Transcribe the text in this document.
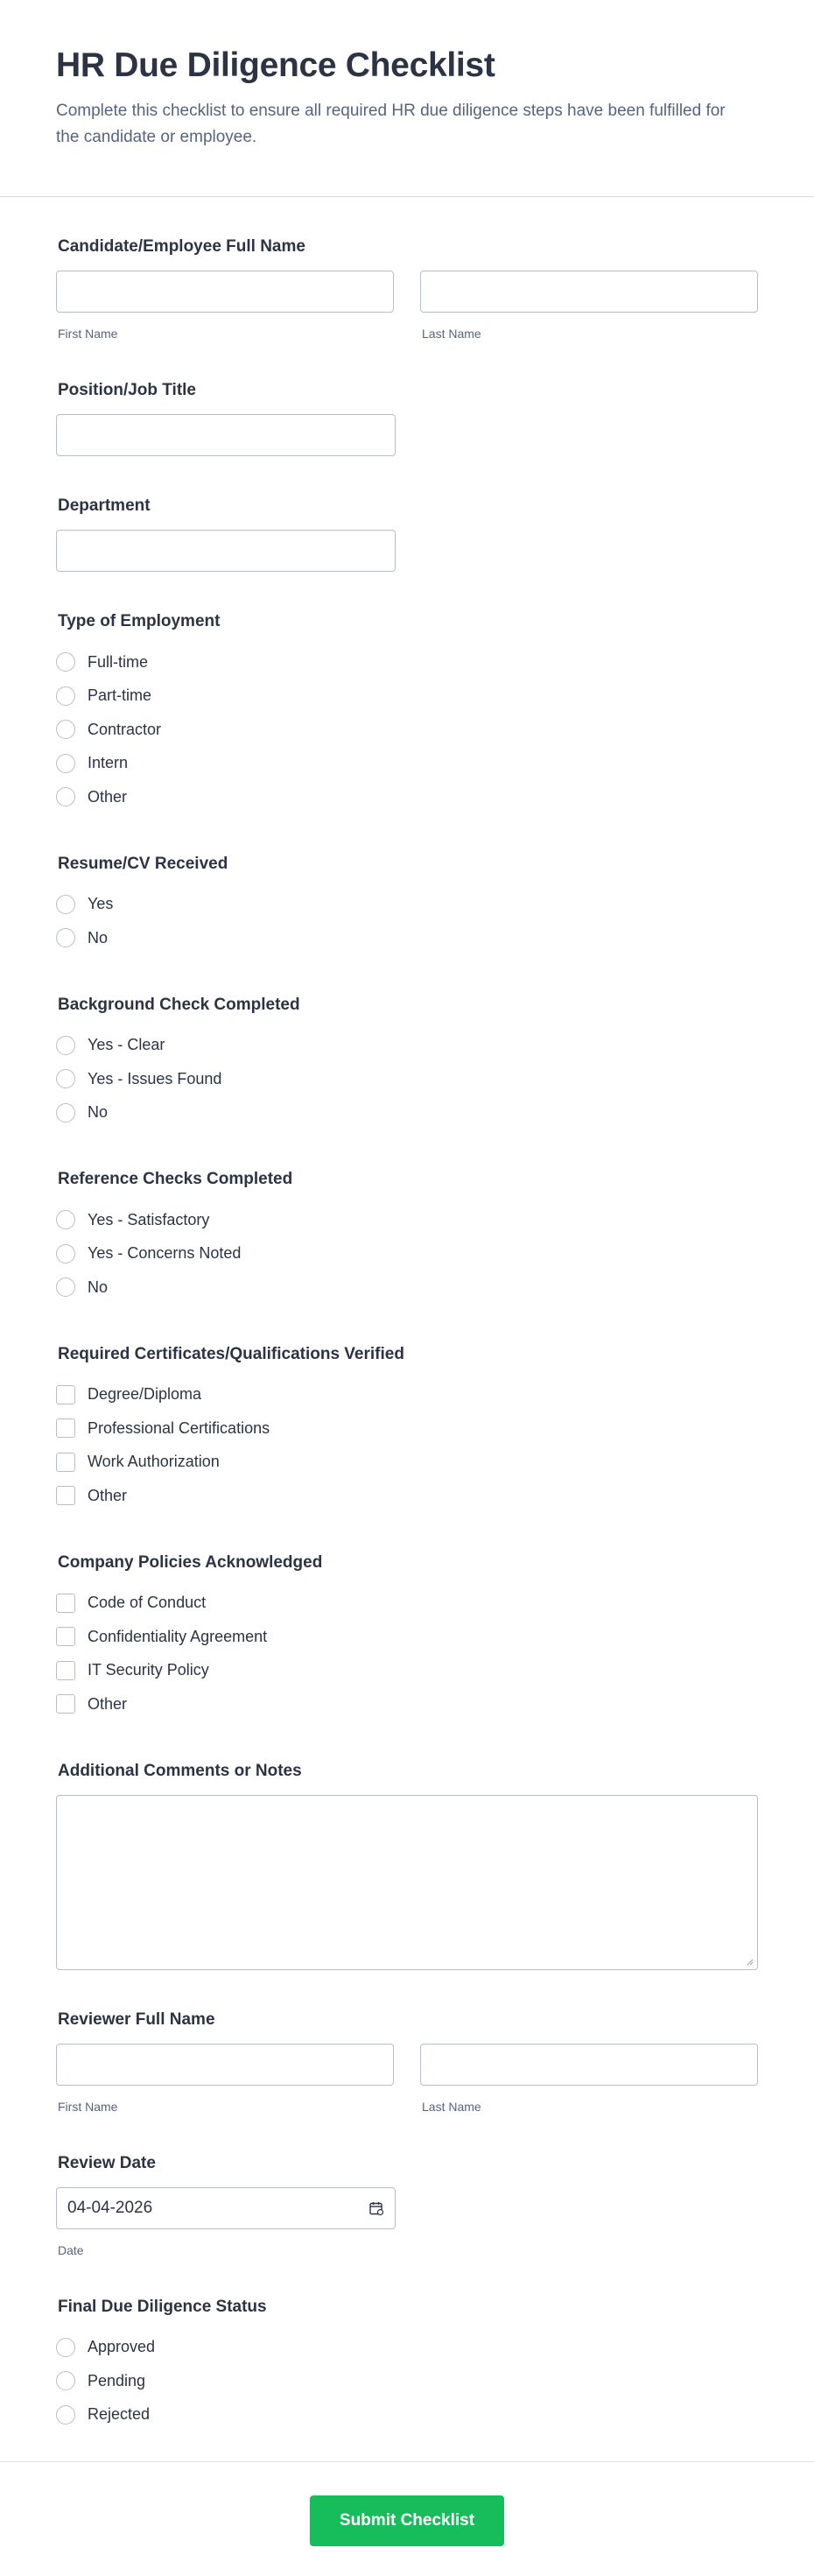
HR Due Diligence Checklist

Complete this checklist to ensure all required HR due diligence steps have been fulfilled for the candidate or employee.

Candidate/Employee Full Name
First Name	Last Name
Position/Job Title
Department
Type of Employment
Full-time
Part-time
Contractor
Intern
Other
Resume/CV Received
Yes
No
Background Check Completed
Yes - Clear
Yes - Issues Found
No
Reference Checks Completed
Yes - Satisfactory
Yes - Concerns Noted
No
Required Certificates/Qualifications Verified
Degree/Diploma
Professional Certifications
Work Authorization
Other
Company Policies Acknowledged
Code of Conduct
Confidentiality Agreement
IT Security Policy
Other
Additional Comments or Notes
Reviewer Full Name
First Name	Last Name
Review Date
04-04-2026
Date
Final Due Diligence Status
Approved
Pending
Rejected
Submit Checklist
